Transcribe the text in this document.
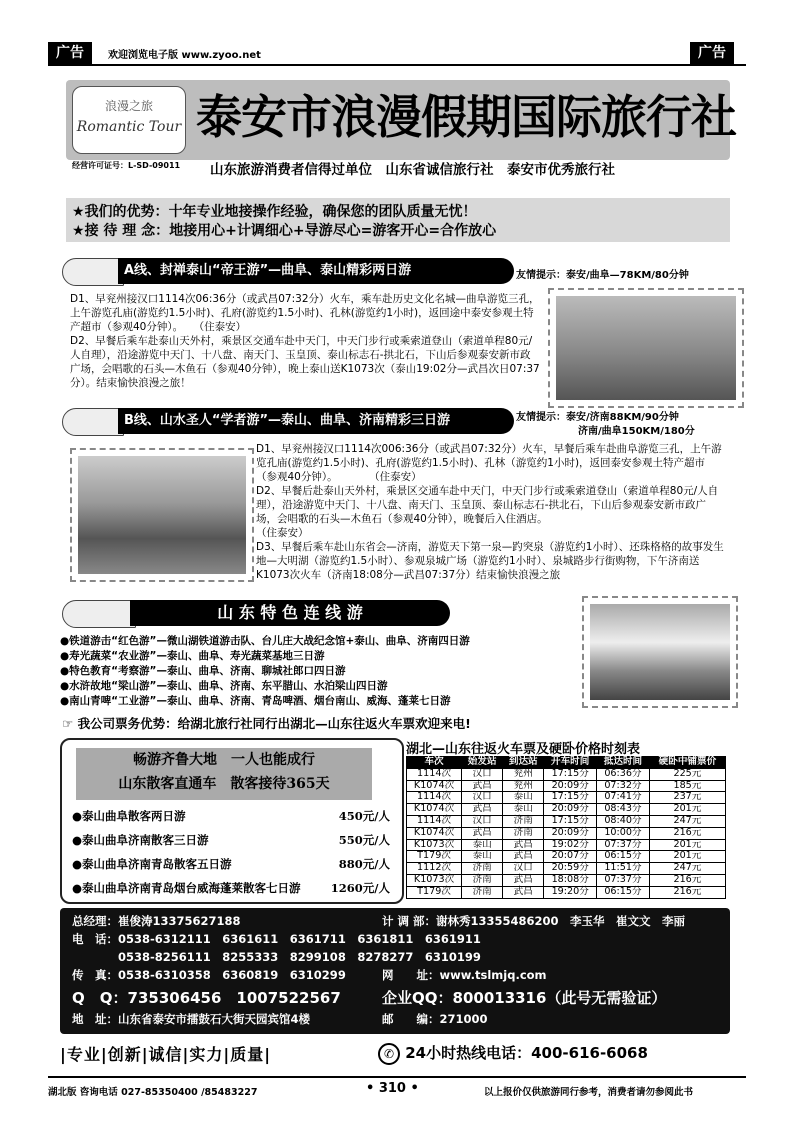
广告	欢迎浏览电子版 www.zyoo.net	广告
浪漫之旅
Romantic Tour 泰安市浪漫假期国际旅行社
经营许可证号：L-SD-09011 山东旅游消费者信得过单位　山东省诚信旅行社　泰安市优秀旅行社
★我们的优势：十年专业地接操作经验，确保您的团队质量无忧！
★接 待 理 念：地接用心+计调细心+导游尽心=游客开心=合作放心
A线、封禅泰山“帝王游”—曲阜、泰山精彩两日游	友情提示：泰安/曲阜—78KM/80分钟
D1、早兖州接汉口1114次06:36分（或武昌07:32分）火车，乘车赴历史文化名城—曲阜游览三孔，上午游览孔庙(游览约1.5小时)、孔府(游览约1.5小时)、孔林(游览约1小时)，返回途中泰安参观土特产超市（参观40分钟）。　　（住泰安）
D2、早餐后乘车赴泰山天外村，乘景区交通车赴中天门，中天门步行或乘索道登山（索道单程80元/人自理），沿途游览中天门、十八盘、南天门、玉皇顶、泰山标志石-拱北石，下山后参观泰安新市政广场，会唱歌的石头—木鱼石（参观40分钟），晚上泰山送K1073次（泰山19:02分—武昌次日07:37分）。结束愉快浪漫之旅！
B线、山水圣人“学者游”—泰山、曲阜、济南精彩三日游	友情提示：泰安/济南88KM/90分钟
济南/曲阜150KM/180分
D1、早兖州接汉口1114次006:36分（或武昌07:32分）火车，早餐后乘车赴曲阜游览三孔，上午游览孔庙(游览约1.5小时)、孔府(游览约1.5小时)、孔林（游览约1小时)，返回泰安参观土特产超市（参观40分钟）。　　　　（住泰安）
D2、早餐后赴泰山天外村，乘景区交通车赴中天门，中天门步行或乘索道登山（索道单程80元/人自理），沿途游览中天门、十八盘、南天门、玉皇顶、泰山标志石-拱北石，下山后参观泰安新市政广场，会唱歌的石头—木鱼石（参观40分钟），晚餐后入住酒店。　　　　　　　　　　　　　　　　　　　（住泰安）
D3、早餐后乘车赴山东省会—济南，游览天下第一泉—趵突泉（游览约1小时）、还珠格格的故事发生地—大明湖（游览约1.5小时）、参观泉城广场（游览约1小时）、泉城路步行街购物，下午济南送K1073次火车（济南18:08分—武昌07:37分）结束愉快浪漫之旅
山 东 特 色 连 线 游
●铁道游击“红色游”—微山湖铁道游击队、台儿庄大战纪念馆+泰山、曲阜、济南四日游
●寿光蔬菜“农业游”—泰山、曲阜、寿光蔬菜基地三日游
●特色教育“考察游”—泰山、曲阜、济南、聊城社郎口四日游
●水浒故地“梁山游”—泰山、曲阜、济南、东平腊山、水泊梁山四日游
●南山青啤“工业游”—泰山、曲阜、济南、青岛啤酒、烟台南山、威海、蓬莱七日游
☞ 我公司票务优势：给湖北旅行社同行出湖北—山东往返火车票欢迎来电!
畅游齐鲁大地　一人也能成行
山东散客直通车　散客接待365天
●泰山曲阜散客两日游	450元/人
●泰山曲阜济南散客三日游	550元/人
●泰山曲阜济南青岛散客五日游	880元/人
●泰山曲阜济南青岛烟台威海蓬莱散客七日游	1260元/人
湖北—山东往返火车票及硬卧价格时刻表
车次	始发站	到达站	开车时间	抵达时间	硬卧中铺票价
1114次	汉口	兖州	17:15分	06:36分	225元
K1074次	武昌	兖州	20:09分	07:32分	185元
1114次	汉口	泰山	17:15分	07:41分	237元
K1074次	武昌	泰山	20:09分	08:43分	201元
1114次	汉口	济南	17:15分	08:40分	247元
K1074次	武昌	济南	20:09分	10:00分	216元
K1073次	泰山	武昌	19:02分	07:37分	201元
T179次	泰山	武昌	20:07分	06:15分	201元
1112次	济南	汉口	20:59分	11:51分	247元
K1073次	济南	武昌	18:08分	07:37分	216元
T179次	济南	武昌	19:20分	06:15分	216元
总经理：崔俊涛13375627188	计 调 部：谢林秀13355486200　李玉华　崔文文　李丽
电　话：0538-6312111　6361611　6361711　6361811　6361911
　　　　0538-8256111　8255333　8299108　8278277　6310199
传　真：0538-6310358　6360819　6310299	网　　址：www.tslmjq.com
Q　Q：735306456　1007522567	企业QQ：800013316（此号无需验证）
地　址：山东省泰安市擂鼓石大街天园宾馆4楼	邮　　编：271000
|专业|创新|诚信|实力|质量|	✆ 24小时热线电话：400-616-6068
湖北版 咨询电话 027-85350400 /85483227	• 310 •	以上报价仅供旅游同行参考，消费者请勿参阅此书
